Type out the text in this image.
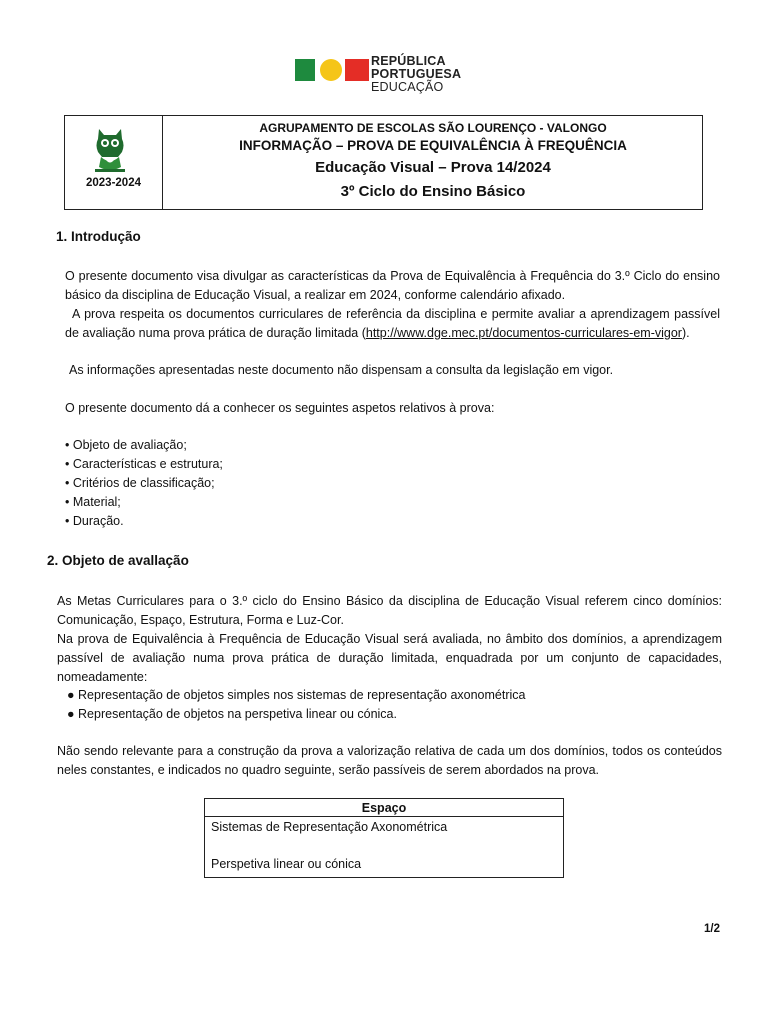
REPÚBLICA
PORTUGUESA
EDUCAÇÃO
2023-2024
AGRUPAMENTO DE ESCOLAS SÃO LOURENÇO - VALONGO
INFORMAÇÃO – PROVA DE EQUIVALÊNCIA À FREQUÊNCIA
Educação Visual – Prova 14/2024
3º Ciclo do Ensino Básico
1. Introdução
O presente documento visa divulgar as características da Prova de Equivalência à Frequência do 3.º Ciclo do ensino básico da disciplina de Educação Visual, a realizar em 2024, conforme calendário afixado.
A prova respeita os documentos curriculares de referência da disciplina e permite avaliar a aprendizagem passível de avaliação numa prova prática de duração limitada (http://www.dge.mec.pt/documentos-curriculares-em-vigor).
As informações apresentadas neste documento não dispensam a consulta da legislação em vigor.
O presente documento dá a conhecer os seguintes aspetos relativos à prova:
• Objeto de avaliação;
• Características e estrutura;
• Critérios de classificação;
• Material;
• Duração.
2. Objeto de avallação
As Metas Curriculares para o 3.º ciclo do Ensino Básico da disciplina de Educação Visual referem cinco domínios: Comunicação, Espaço, Estrutura, Forma e Luz-Cor.
Na prova de Equivalência à Frequência de Educação Visual será avaliada, no âmbito dos domínios, a aprendizagem passível de avaliação numa prova prática de duração limitada, enquadrada por um conjunto de capacidades, nomeadamente:
● Representação de objetos simples nos sistemas de representação axonométrica
● Representação de objetos na perspetiva linear ou cónica.
Não sendo relevante para a construção da prova a valorização relativa de cada um dos domínios, todos os conteúdos neles constantes, e indicados no quadro seguinte, serão passíveis de serem abordados na prova.
Espaço

Sistemas de Representação Axonométrica
Perspetiva linear ou cónica
1/2
